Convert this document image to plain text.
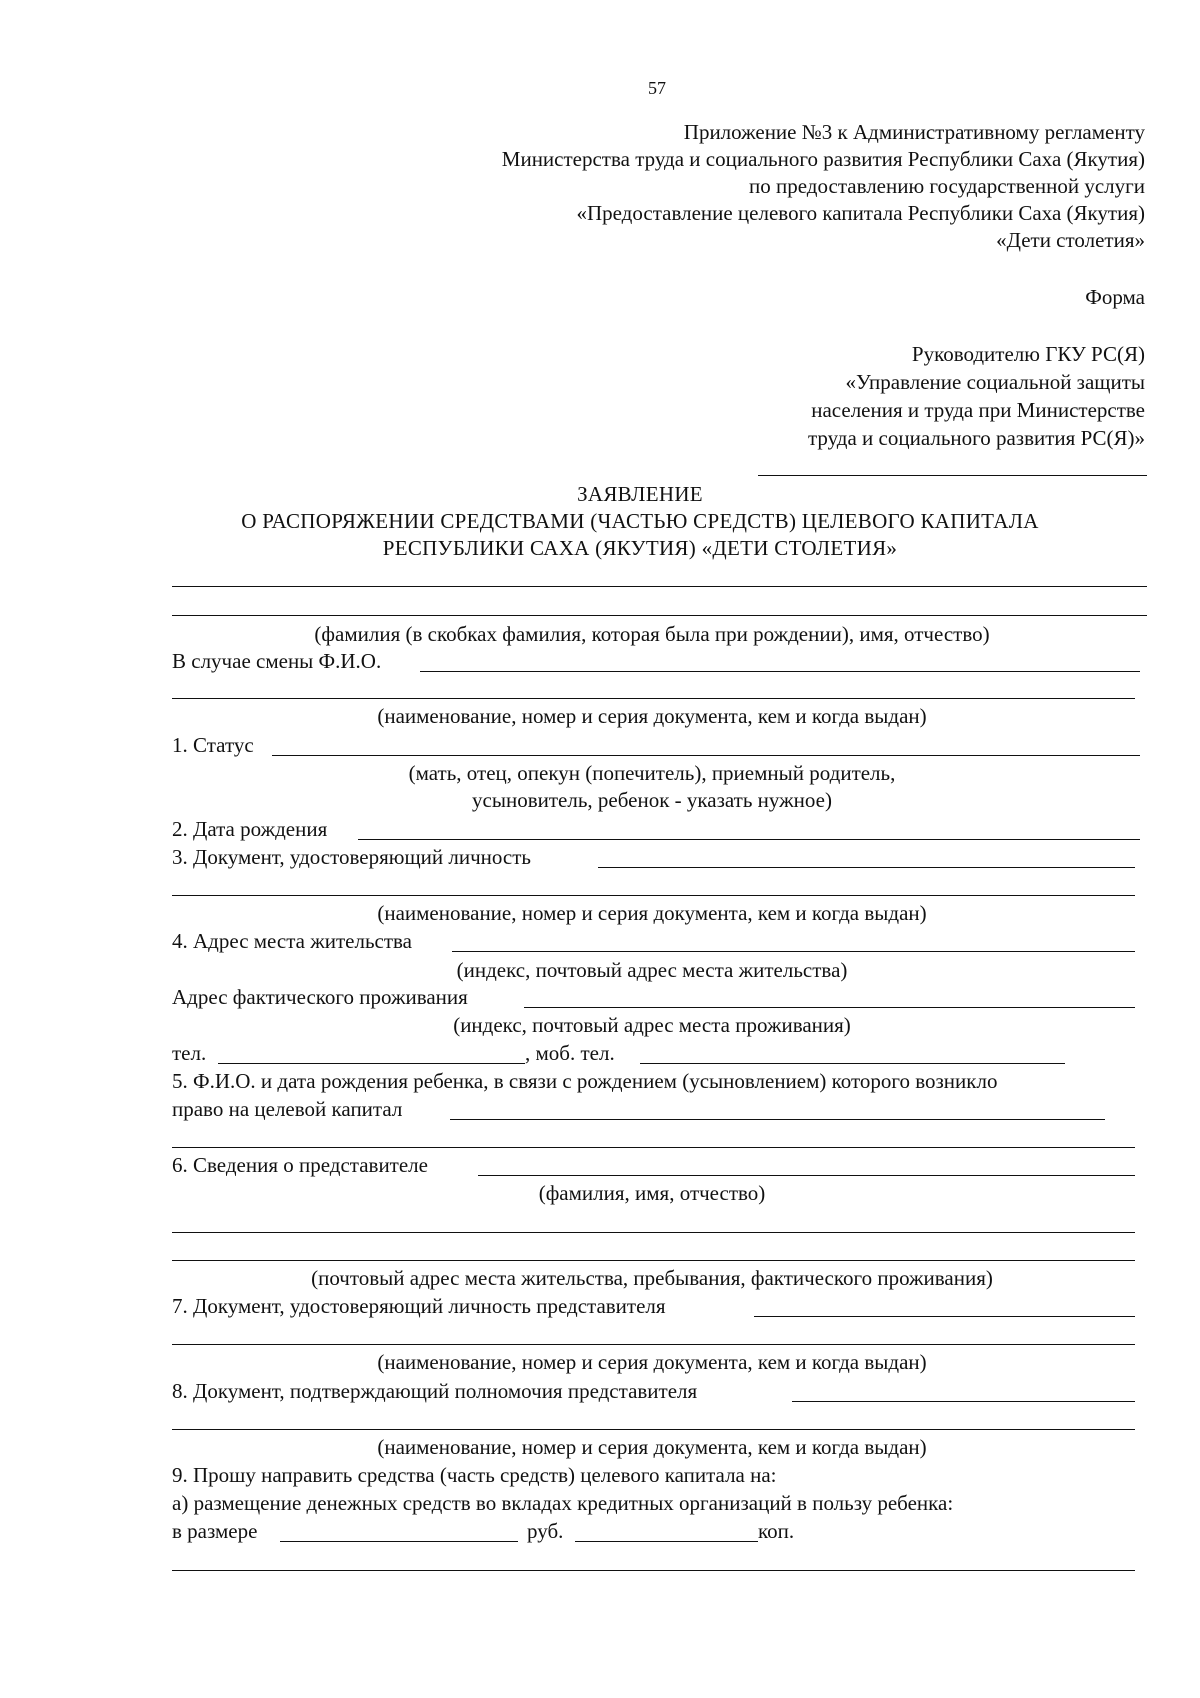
57
Приложение №3 к Административному регламенту
Министерства труда и социального развития Республики Саха (Якутия)
по предоставлению государственной услуги
«Предоставление целевого капитала Республики Саха (Якутия)
«Дети столетия»
Форма
Руководителю ГКУ РС(Я)
«Управление социальной защиты
населения и труда при Министерстве
труда и социального развития РС(Я)»
ЗАЯВЛЕНИЕ
О РАСПОРЯЖЕНИИ СРЕДСТВАМИ (ЧАСТЬЮ СРЕДСТВ) ЦЕЛЕВОГО КАПИТАЛА
РЕСПУБЛИКИ САХА (ЯКУТИЯ) «ДЕТИ СТОЛЕТИЯ»
(фамилия (в скобках фамилия, которая была при рождении), имя, отчество)
В случае смены Ф.И.О.
(наименование, номер и серия документа, кем и когда выдан)
1. Статус
(мать, отец, опекун (попечитель), приемный родитель,
усыновитель, ребенок - указать нужное)
2. Дата рождения
3. Документ, удостоверяющий личность
(наименование, номер и серия документа, кем и когда выдан)
4. Адрес места жительства
(индекс, почтовый адрес места жительства)
Адрес фактического проживания
(индекс, почтовый адрес места проживания)
тел.	, моб. тел.
5. Ф.И.О. и дата рождения ребенка, в связи с рождением (усыновлением) которого возникло
право на целевой капитал
6. Сведения о представителе
(фамилия, имя, отчество)
(почтовый адрес места жительства, пребывания, фактического проживания)
7. Документ, удостоверяющий личность представителя
(наименование, номер и серия документа, кем и когда выдан)
8. Документ, подтверждающий полномочия представителя
(наименование, номер и серия документа, кем и когда выдан)
9. Прошу направить средства (часть средств) целевого капитала на:
а) размещение денежных средств во вкладах кредитных организаций в пользу ребенка:
в размере	руб.	коп.
